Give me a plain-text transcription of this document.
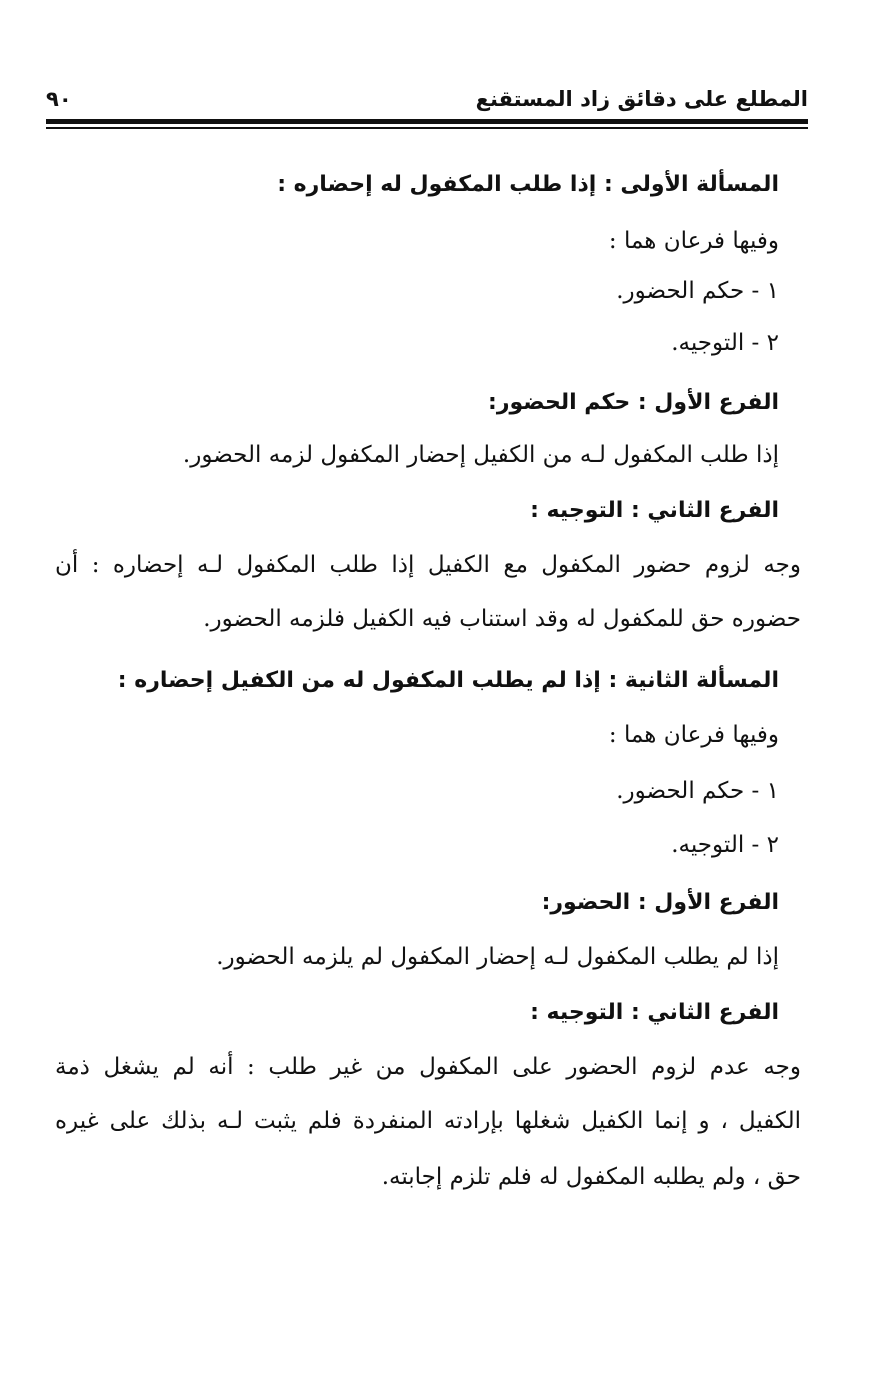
المطلع على دقائق زاد المستقنع
٩٠
المسألة الأولى : إذا طلب المكفول له إحضاره :
وفيها فرعان هما :
١ - حكم الحضور.
٢ - التوجيه.
الفرع الأول : حكم الحضور:
إذا طلب المكفول لـه من الكفيل إحضار المكفول لزمه الحضور.
الفرع الثاني : التوجيه :
وجه لزوم حضور المكفول مع الكفيل إذا طلب المكفول لـه إحضاره : أن
حضوره حق للمكفول له وقد استناب فيه الكفيل فلزمه الحضور.
المسألة الثانية : إذا لم يطلب المكفول له من الكفيل إحضاره :
وفيها فرعان هما :
١ - حكم الحضور.
٢ - التوجيه.
الفرع الأول : الحضور:
إذا لم يطلب المكفول لـه إحضار المكفول لم يلزمه الحضور.
الفرع الثاني : التوجيه :
وجه عدم لزوم الحضور على المكفول من غير طلب : أنه لم يشغل ذمة
الكفيل ، و إنما الكفيل شغلها بإرادته المنفردة فلم يثبت لـه بذلك على غيره
حق ، ولم يطلبه المكفول له فلم تلزم إجابته.
